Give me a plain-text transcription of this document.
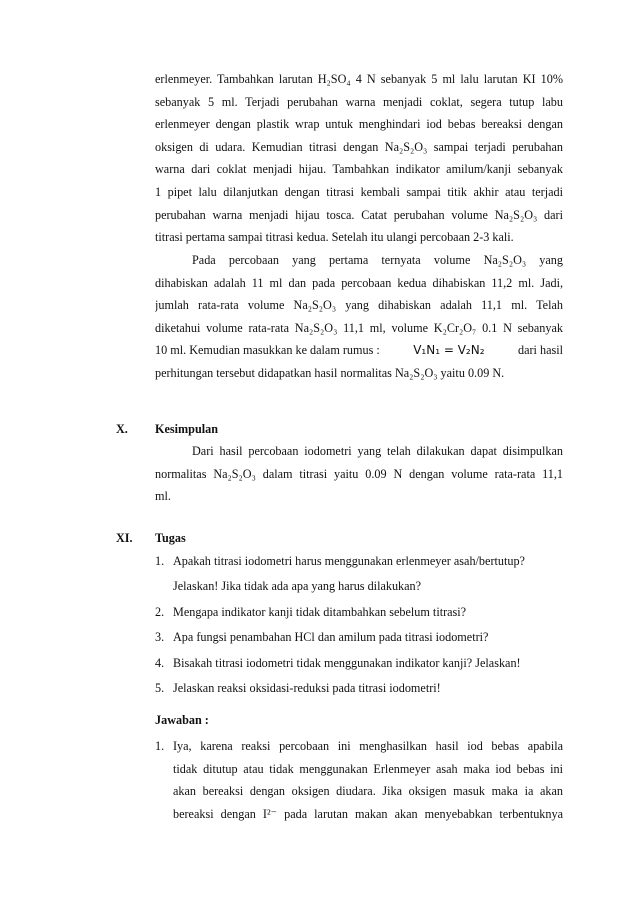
erlenmeyer. Tambahkan larutan H₂SO₄ 4 N sebanyak 5 ml lalu larutan KI 10%
sebanyak 5 ml. Terjadi perubahan warna menjadi coklat, segera tutup labu
erlenmeyer dengan plastik wrap untuk menghindari iod bebas bereaksi dengan
oksigen di udara. Kemudian titrasi dengan Na₂S₂O₃ sampai terjadi perubahan
warna dari coklat menjadi hijau. Tambahkan indikator amilum/kanji sebanyak
1 pipet lalu dilanjutkan dengan titrasi kembali sampai titik akhir atau terjadi
perubahan warna menjadi hijau tosca. Catat perubahan volume Na₂S₂O₃ dari
titrasi pertama sampai titrasi kedua. Setelah itu ulangi percobaan 2-3 kali.
Pada percobaan yang pertama ternyata volume Na₂S₂O₃ yang
dihabiskan adalah 11 ml dan pada percobaan kedua dihabiskan 11,2 ml. Jadi,
jumlah rata-rata volume Na₂S₂O₃ yang dihabiskan adalah 11,1 ml. Telah
diketahui volume rata-rata Na₂S₂O₃ 11,1 ml, volume K₂Cr₂O₇ 0.1 N sebanyak
10 ml. Kemudian masukkan ke dalam rumus :	V₁N₁ = V₂N₂	dari hasil
perhitungan tersebut didapatkan hasil normalitas Na₂S₂O₃ yaitu 0.09 N.
X. Kesimpulan
Dari hasil percobaan iodometri yang telah dilakukan dapat disimpulkan
normalitas Na₂S₂O₃ dalam titrasi yaitu 0.09 N dengan volume rata-rata 11,1
ml.
XI. Tugas
1. Apakah titrasi iodometri harus menggunakan erlenmeyer asah/bertutup?
Jelaskan! Jika tidak ada apa yang harus dilakukan?
2. Mengapa indikator kanji tidak ditambahkan sebelum titrasi?
3. Apa fungsi penambahan HCl dan amilum pada titrasi iodometri?
4. Bisakah titrasi iodometri tidak menggunakan indikator kanji? Jelaskan!
5. Jelaskan reaksi oksidasi-reduksi pada titrasi iodometri!
Jawaban :
1. Iya, karena reaksi percobaan ini menghasilkan hasil iod bebas apabila
tidak ditutup atau tidak menggunakan Erlenmeyer asah maka iod bebas ini
akan bereaksi dengan oksigen diudara. Jika oksigen masuk maka ia akan
bereaksi dengan I²⁻ pada larutan makan akan menyebabkan terbentuknya
